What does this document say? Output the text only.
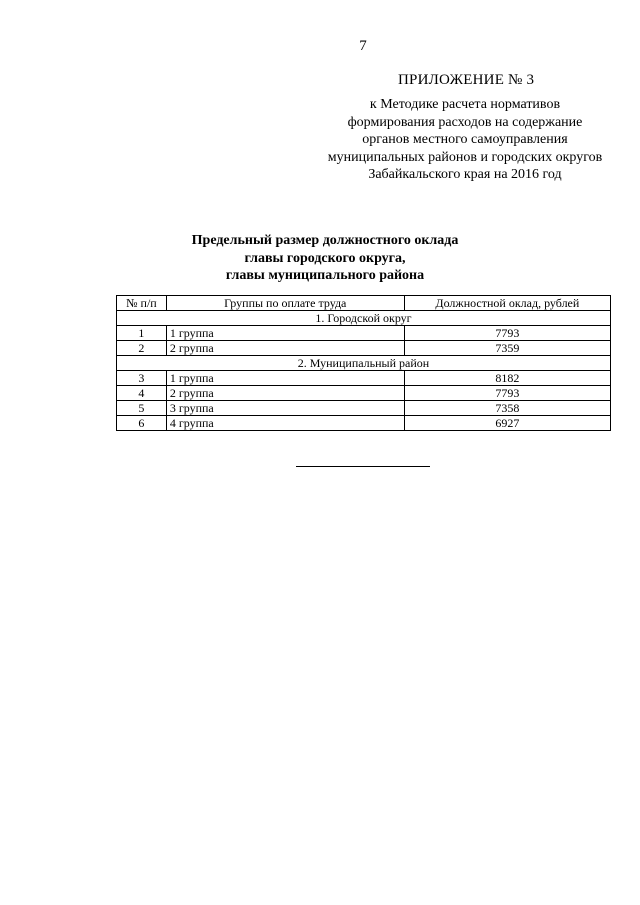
7
ПРИЛОЖЕНИЕ № 3
к Методике расчета нормативов
формирования расходов на содержание
органов местного самоуправления
муниципальных районов и городских округов
Забайкальского края на 2016 год
Предельный размер должностного оклада
главы городского округа,
главы муниципального района
№ п/п	Группы по оплате труда	Должностной оклад, рублей
1. Городской округ		
1	1 группа	7793
2	2 группа	7359
2. Муниципальный район		
3	1 группа	8182
4	2 группа	7793
5	3 группа	7358
6	4 группа	6927
